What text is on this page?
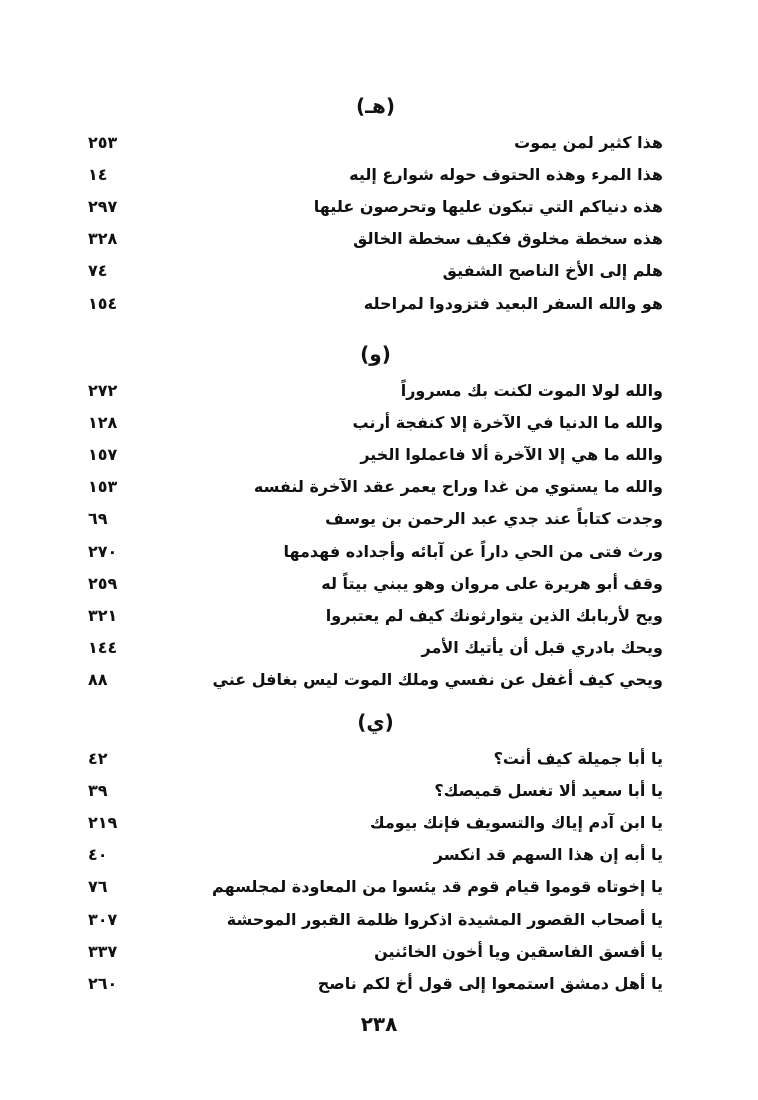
(هـ)
هذا كثير لمن يموت
٢٥٣
هذا المرء وهذه الحتوف حوله شوارع إليه
١٤
هذه دنياكم التي تبكون عليها وتحرصون عليها
٢٩٧
هذه سخطة مخلوق فكيف سخطة الخالق
٣٢٨
هلم إلى الأخ الناصح الشفيق
٧٤
هو والله السفر البعيد فتزودوا لمراحله
١٥٤
(و)
والله لولا الموت لكنت بك مسروراً
٢٧٢
والله ما الدنيا في الآخرة إلا كنفجة أرنب
١٢٨
والله ما هي إلا الآخرة ألا فاعملوا الخير
١٥٧
والله ما يستوي من غدا وراح يعمر عقد الآخرة لنفسه
١٥٣
وجدت كتاباً عند جدي عبد الرحمن بن يوسف
٦٩
ورث فتى من الحي داراً عن آبائه وأجداده فهدمها
٢٧٠
وقف أبو هريرة على مروان وهو يبني بيتاً له
٢٥٩
ويح لأربابك الذين يتوارثونك كيف لم يعتبروا
٣٢١
ويحك بادري قبل أن يأتيك الأمر
١٤٤
ويحي كيف أغفل عن نفسي وملك الموت ليس بغافل عني
٨٨
(ي)
يا أبا جميلة كيف أنت؟
٤٢
يا أبا سعيد ألا تغسل قميصك؟
٣٩
يا ابن آدم إياك والتسويف فإنك بيومك
٢١٩
يا أبه إن هذا السهم قد انكسر
٤٠
يا إخوتاه قوموا قيام قوم قد يئسوا من المعاودة لمجلسهم
٧٦
يا أصحاب القصور المشيدة اذكروا ظلمة القبور الموحشة
٣٠٧
يا أفسق الفاسقين ويا أخون الخائنين
٣٣٧
يا أهل دمشق استمعوا إلى قول أخ لكم ناصح
٢٦٠
٢٣٨
